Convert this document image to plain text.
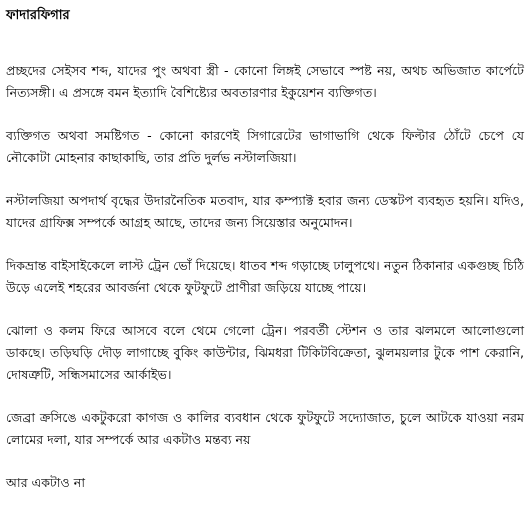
ফাদারফিগার

প্রচ্ছদের সেইসব শব্দ, যাদের পুং অথবা স্ত্রী - কোনো লিঙ্গই সেভাবে স্পষ্ট নয়, অথচ অভিজাত কার্পেটে নিত্যসঙ্গী। এ প্রসঙ্গে বমন ইত্যাদি বৈশিষ্ট্যের অবতারণার ইকুয়েশন ব্যক্তিগত।

ব্যক্তিগত অথবা সমষ্টিগত - কোনো কারণেই সিগারেটের ভাগাভাগি থেকে ফিল্টার ঠোঁটে চেপে যে নৌকোটা মোহনার কাছাকাছি, তার প্রতি দুর্লভ নস্টালজিয়া।

নস্টালজিয়া অপদার্থ বৃদ্ধের উদারনৈতিক মতবাদ, যার কম্প্যাক্ট হবার জন্য ডেস্কটপ ব্যবহৃত হয়নি। যদিও, যাদের গ্রাফিক্স সম্পর্কে আগ্রহ আছে, তাদের জন্য সিয়েস্তার অনুমোদন।

দিকভ্রান্ত বাইসাইকেলে লাস্ট ট্রেন ভোঁ দিয়েছে। ধাতব শব্দ গড়াচ্ছে ঢালুপথে। নতুন ঠিকানার একগুচ্ছ চিঠি উড়ে এলেই শহরের আবর্জনা থেকে ফুটফুটে প্রাণীরা জড়িয়ে যাচ্ছে পায়ে।

ঝোলা ও কলম ফিরে আসবে বলে থেমে গেলো ট্রেন। পরবর্তী স্টেশন ও তার ঝলমলে আলোগুলো ডাকছে। তড়িঘড়ি দৌড় লাগাচ্ছে বুকিং কাউন্টার, ঝিমধরা টিকিটবিক্রেতা, ঝুলময়লার টুকে পাশ কেরানি, দোষত্রুটি, সন্ধিসমাসের আর্কাইভ।

জেব্রা ক্রসিঙে একটুকরো কাগজ ও কালির ব্যবধান থেকে ফুটফুটে সদ্যোজাত, চুলে আটকে যাওয়া নরম লোমের দলা, যার সম্পর্কে আর একটাও মন্তব্য নয়

আর একটাও না
